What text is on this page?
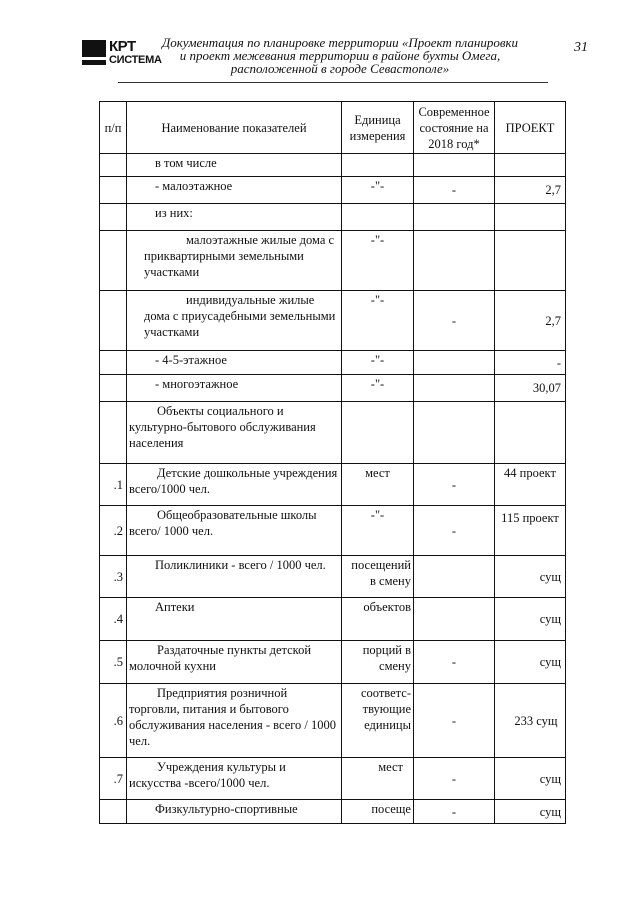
КРТ
СИСТЕМА
Документация по планировке территории «Проект планировки
и проект межевания территории в районе бухты Омега,
расположенной в городе Севастополе»
31
п/п	Наименование показателей	Единица измерения	Современное состояние на 2018 год*	ПРОЕКТ
	в том числе			
	- малоэтажное	-"-	-	2,7
	из них:			

	малоэтажные жилые дома с приквартирными земельными участками	-"-		

	индивидуальные жилые дома с приусадебными земельными участками	-"-	-	2,7
	- 4-5-этажное	-"-		-
	- многоэтажное	-"-		30,07

	Объекты социального и культурно-бытового обслуживания населения			

.1	Детские дошкольные учреждения всего/1000 чел.	мест	-	44 проект

.2	Общеобразовательные школы всего/ 1000 чел.	-"-	-	115 проект

.3	Поликлиники - всего / 1000 чел.	посещений в смену		сущ
.4	Аптеки	объектов		сущ
.5	Раздаточные пункты детской молочной кухни	порций в смену	-	сущ
.6	Предприятия розничной торговли, питания и бытового обслуживания населения - всего / 1000 чел.	соответс-твующие единицы	-	233 сущ

.7	Учреждения культуры и искусства -всего/1000 чел.	мест	-	сущ
	Физкультурно-спортивные	посеще	-	сущ
